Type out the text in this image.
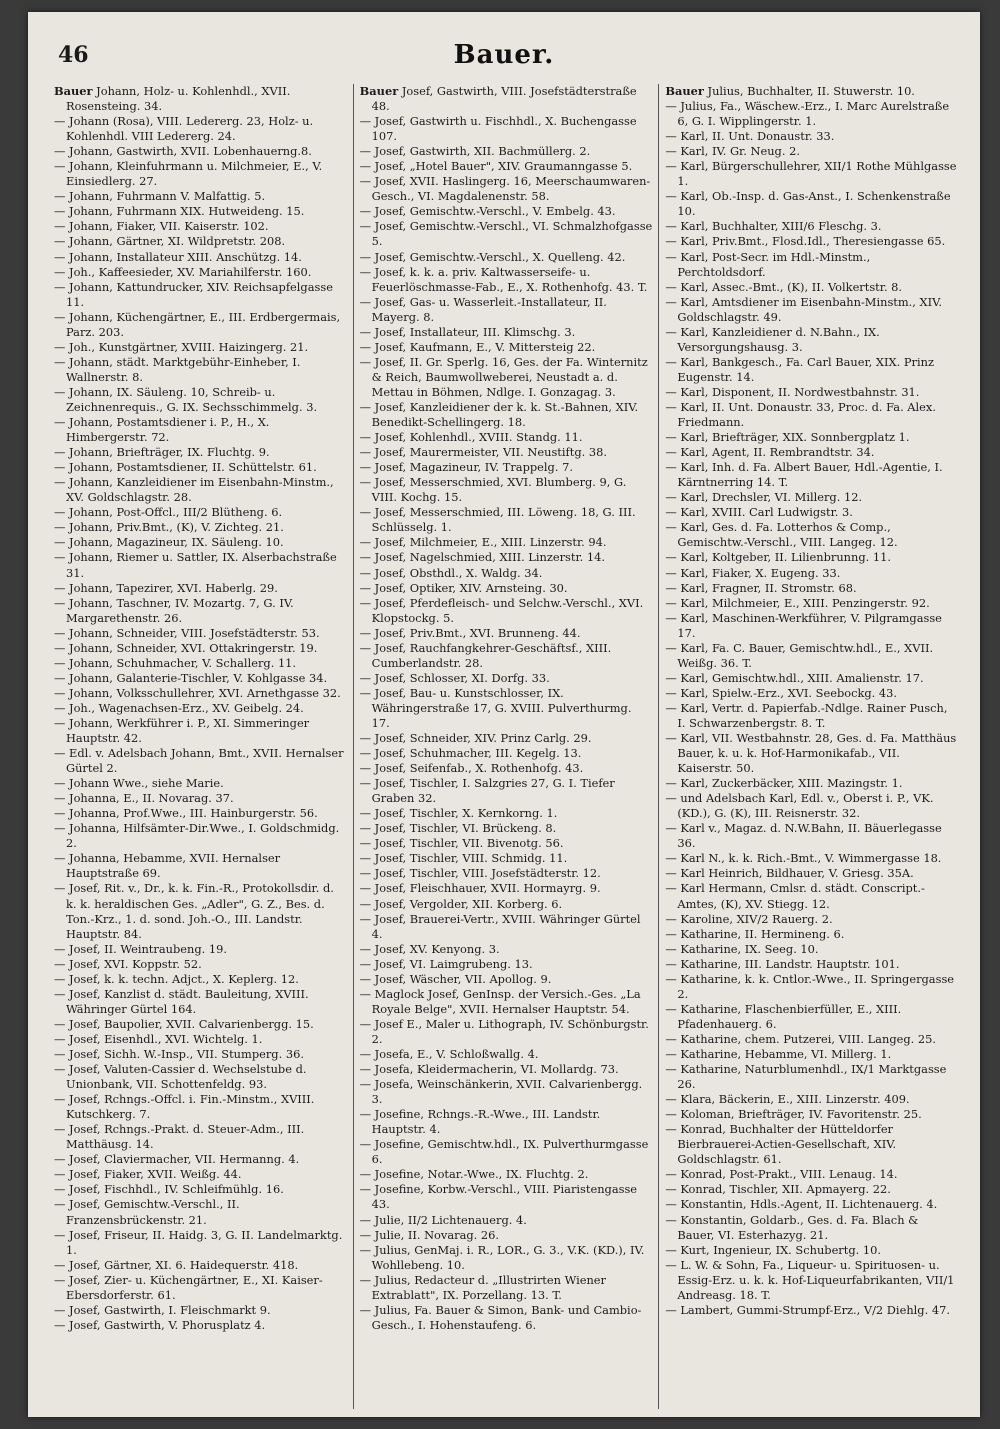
46	Bauer.
Bauer Johann, Holz- u. Kohlenhdl., XVII. Rosensteing. 34.
— Johann (Rosa), VIII. Ledererg. 23, Holz- u. Kohlenhdl. VIII Ledererg. 24.
— Johann, Gastwirth, XVII. Lobenhauerng.8.
— Johann, Kleinfuhrmann u. Milchmeier, E., V. Einsiedlerg. 27.
— Johann, Fuhrmann V. Malfattig. 5.
— Johann, Fuhrmann XIX. Hutweideng. 15.
— Johann, Fiaker, VII. Kaiserstr. 102.
— Johann, Gärtner, XI. Wildpretstr. 208.
— Johann, Installateur XIII. Anschützg. 14.
— Joh., Kaffeesieder, XV. Mariahilferstr. 160.
— Johann, Kattundrucker, XIV. Reichsapfelgasse 11.
— Johann, Küchengärtner, E., III. Erdbergermais, Parz. 203.
— Joh., Kunstgärtner, XVIII. Haizingerg. 21.
— Johann, städt. Marktgebühr-Einheber, I. Wallnerstr. 8.
— Johann, IX. Säuleng. 10, Schreib- u. Zeichnenrequis., G. IX. Sechsschimmelg. 3.
— Johann, Postamtsdiener i. P., H., X. Himbergerstr. 72.
— Johann, Briefträger, IX. Fluchtg. 9.
— Johann, Postamtsdiener, II. Schüttelstr. 61.
— Johann, Kanzleidiener im Eisenbahn-Minstm., XV. Goldschlagstr. 28.
— Johann, Post-Offcl., III/2 Blütheng. 6.
— Johann, Priv.Bmt., (K), V. Zichteg. 21.
— Johann, Magazineur, IX. Säuleng. 10.
— Johann, Riemer u. Sattler, IX. Alserbachstraße 31.
— Johann, Tapezirer, XVI. Haberlg. 29.
— Johann, Taschner, IV. Mozartg. 7, G. IV. Margarethenstr. 26.
— Johann, Schneider, VIII. Josefstädterstr. 53.
— Johann, Schneider, XVI. Ottakringerstr. 19.
— Johann, Schuhmacher, V. Schallerg. 11.
— Johann, Galanterie-Tischler, V. Kohlgasse 34.
— Johann, Volksschullehrer, XVI. Arnethgasse 32.
— Joh., Wagenachsen-Erz., XV. Geibelg. 24.
— Johann, Werkführer i. P., XI. Simmeringer Hauptstr. 42.
— Edl. v. Adelsbach Johann, Bmt., XVII. Hernalser Gürtel 2.
— Johann Wwe., siehe Marie.
— Johanna, E., II. Novarag. 37.
— Johanna, Prof.Wwe., III. Hainburgerstr. 56.
— Johanna, Hilfsämter-Dir.Wwe., I. Goldschmidg. 2.
— Johanna, Hebamme, XVII. Hernalser Hauptstraße 69.
— Josef, Rit. v., Dr., k. k. Fin.-R., Protokollsdir. d. k. k. heraldischen Ges. „Adler", G. Z., Bes. d. Ton.-Krz., 1. d. sond. Joh.-O., III. Landstr. Hauptstr. 84.
— Josef, II. Weintraubeng. 19.
— Josef, XVI. Koppstr. 52.
— Josef, k. k. techn. Adjct., X. Keplerg. 12.
— Josef, Kanzlist d. städt. Bauleitung, XVIII. Währinger Gürtel 164.
— Josef, Baupolier, XVII. Calvarienbergg. 15.
— Josef, Eisenhdl., XVI. Wichtelg. 1.
— Josef, Sichh. W.-Insp., VII. Stumperg. 36.
— Josef, Valuten-Cassier d. Wechselstube d. Unionbank, VII. Schottenfeldg. 93.
— Josef, Rchngs.-Offcl. i. Fin.-Minstm., XVIII. Kutschkerg. 7.
— Josef, Rchngs.-Prakt. d. Steuer-Adm., III. Matthäusg. 14.
— Josef, Claviermacher, VII. Hermanng. 4.
— Josef, Fiaker, XVII. Weißg. 44.
— Josef, Fischhdl., IV. Schleifmühlg. 16.
— Josef, Gemischtw.-Verschl., II. Franzensbrückenstr. 21.
— Josef, Friseur, II. Haidg. 3, G. II. Landelmarktg. 1.
— Josef, Gärtner, XI. 6. Haidequerstr. 418.
— Josef, Zier- u. Küchengärtner, E., XI. Kaiser-Ebersdorferstr. 61.
— Josef, Gastwirth, I. Fleischmarkt 9.
— Josef, Gastwirth, V. Phorusplatz 4.
Bauer Josef, Gastwirth, VIII. Josefstädterstraße 48.
— Josef, Gastwirth u. Fischhdl., X. Buchengasse 107.
— Josef, Gastwirth, XII. Bachmüllerg. 2.
— Josef, „Hotel Bauer", XIV. Graumanngasse 5.
— Josef, XVII. Haslingerg. 16, Meerschaumwaren-Gesch., VI. Magdalenenstr. 58.
— Josef, Gemischtw.-Verschl., V. Embelg. 43.
— Josef, Gemischtw.-Verschl., VI. Schmalzhofgasse 5.
— Josef, Gemischtw.-Verschl., X. Quelleng. 42.
— Josef, k. k. a. priv. Kaltwasserseife- u. Feuerlöschmasse-Fab., E., X. Rothenhofg. 43. T.
— Josef, Gas- u. Wasserleit.-Installateur, II. Mayerg. 8.
— Josef, Installateur, III. Klimschg. 3.
— Josef, Kaufmann, E., V. Mittersteig 22.
— Josef, II. Gr. Sperlg. 16, Ges. der Fa. Winternitz & Reich, Baumwollweberei, Neustadt a. d. Mettau in Böhmen, Ndlge. I. Gonzagag. 3.
— Josef, Kanzleidiener der k. k. St.-Bahnen, XIV. Benedikt-Schellingerg. 18.
— Josef, Kohlenhdl., XVIII. Standg. 11.
— Josef, Maurermeister, VII. Neustiftg. 38.
— Josef, Magazineur, IV. Trappelg. 7.
— Josef, Messerschmied, XVI. Blumberg. 9, G. VIII. Kochg. 15.
— Josef, Messerschmied, III. Löweng. 18, G. III. Schlüsselg. 1.
— Josef, Milchmeier, E., XIII. Linzerstr. 94.
— Josef, Nagelschmied, XIII. Linzerstr. 14.
— Josef, Obsthdl., X. Waldg. 34.
— Josef, Optiker, XIV. Arnsteing. 30.
— Josef, Pferdefleisch- und Selchw.-Verschl., XVI. Klopstockg. 5.
— Josef, Priv.Bmt., XVI. Brunneng. 44.
— Josef, Rauchfangkehrer-Geschäftsf., XIII. Cumberlandstr. 28.
— Josef, Schlosser, XI. Dorfg. 33.
— Josef, Bau- u. Kunstschlosser, IX. Währingerstraße 17, G. XVIII. Pulverthurmg. 17.
— Josef, Schneider, XIV. Prinz Carlg. 29.
— Josef, Schuhmacher, III. Kegelg. 13.
— Josef, Seifenfab., X. Rothenhofg. 43.
— Josef, Tischler, I. Salzgries 27, G. I. Tiefer Graben 32.
— Josef, Tischler, X. Kernkorng. 1.
— Josef, Tischler, VI. Brückeng. 8.
— Josef, Tischler, VII. Bivenotg. 56.
— Josef, Tischler, VIII. Schmidg. 11.
— Josef, Tischler, VIII. Josefstädterstr. 12.
— Josef, Fleischhauer, XVII. Hormayrg. 9.
— Josef, Vergolder, XII. Korberg. 6.
— Josef, Brauerei-Vertr., XVIII. Währinger Gürtel 4.
— Josef, XV. Kenyong. 3.
— Josef, VI. Laimgrubeng. 13.
— Josef, Wäscher, VII. Apollog. 9.
— Maglock Josef, GenInsp. der Versich.-Ges. „La Royale Belge", XVII. Hernalser Hauptstr. 54.
— Josef E., Maler u. Lithograph, IV. Schönburgstr. 2.
— Josefa, E., V. Schloßwallg. 4.
— Josefa, Kleidermacherin, VI. Mollardg. 73.
— Josefa, Weinschänkerin, XVII. Calvarienbergg. 3.
— Josefine, Rchngs.-R.-Wwe., III. Landstr. Hauptstr. 4.
— Josefine, Gemischtw.hdl., IX. Pulverthurmgasse 6.
— Josefine, Notar.-Wwe., IX. Fluchtg. 2.
— Josefine, Korbw.-Verschl., VIII. Piaristengasse 43.
— Julie, II/2 Lichtenauerg. 4.
— Julie, II. Novarag. 26.
— Julius, GenMaj. i. R., LOR., G. 3., V.K. (KD.), IV. Wohllebeng. 10.
— Julius, Redacteur d. „Illustrirten Wiener Extrablatt", IX. Porzellang. 13. T.
— Julius, Fa. Bauer & Simon, Bank- und Cambio-Gesch., I. Hohenstaufeng. 6.
Bauer Julius, Buchhalter, II. Stuwerstr. 10.
— Julius, Fa., Wäschew.-Erz., I. Marc Aurelstraße 6, G. I. Wipplingerstr. 1.
— Karl, II. Unt. Donaustr. 33.
— Karl, IV. Gr. Neug. 2.
— Karl, Bürgerschullehrer, XII/1 Rothe Mühlgasse 1.
— Karl, Ob.-Insp. d. Gas-Anst., I. Schenkenstraße 10.
— Karl, Buchhalter, XIII/6 Fleschg. 3.
— Karl, Priv.Bmt., Flosd.Idl., Theresiengasse 65.
— Karl, Post-Secr. im Hdl.-Minstm., Perchtoldsdorf.
— Karl, Assec.-Bmt., (K), II. Volkertstr. 8.
— Karl, Amtsdiener im Eisenbahn-Minstm., XIV. Goldschlagstr. 49.
— Karl, Kanzleidiener d. N.Bahn., IX. Versorgungshausg. 3.
— Karl, Bankgesch., Fa. Carl Bauer, XIX. Prinz Eugenstr. 14.
— Karl, Disponent, II. Nordwestbahnstr. 31.
— Karl, II. Unt. Donaustr. 33, Proc. d. Fa. Alex. Friedmann.
— Karl, Briefträger, XIX. Sonnbergplatz 1.
— Karl, Agent, II. Rembrandtstr. 34.
— Karl, Inh. d. Fa. Albert Bauer, Hdl.-Agentie, I. Kärntnerring 14. T.
— Karl, Drechsler, VI. Millerg. 12.
— Karl, XVIII. Carl Ludwigstr. 3.
— Karl, Ges. d. Fa. Lotterhos & Comp., Gemischtw.-Verschl., VIII. Langeg. 12.
— Karl, Koltgeber, II. Lilienbrunng. 11.
— Karl, Fiaker, X. Eugeng. 33.
— Karl, Fragner, II. Stromstr. 68.
— Karl, Milchmeier, E., XIII. Penzingerstr. 92.
— Karl, Maschinen-Werkführer, V. Pilgramgasse 17.
— Karl, Fa. C. Bauer, Gemischtw.hdl., E., XVII. Weißg. 36. T.
— Karl, Gemischtw.hdl., XIII. Amalienstr. 17.
— Karl, Spielw.-Erz., XVI. Seebockg. 43.
— Karl, Vertr. d. Papierfab.-Ndlge. Rainer Pusch, I. Schwarzenbergstr. 8. T.
— Karl, VII. Westbahnstr. 28, Ges. d. Fa. Matthäus Bauer, k. u. k. Hof-Harmonikafab., VII. Kaiserstr. 50.
— Karl, Zuckerbäcker, XIII. Mazingstr. 1.
— und Adelsbach Karl, Edl. v., Oberst i. P., VK. (KD.), G. (K), III. Reisnerstr. 32.
— Karl v., Magaz. d. N.W.Bahn, II. Bäuerlegasse 36.
— Karl N., k. k. Rich.-Bmt., V. Wimmergasse 18.
— Karl Heinrich, Bildhauer, V. Griesg. 35A.
— Karl Hermann, Cmlsr. d. städt. Conscript.-Amtes, (K), XV. Stiegg. 12.
— Karoline, XIV/2 Rauerg. 2.
— Katharine, II. Hermineng. 6.
— Katharine, IX. Seeg. 10.
— Katharine, III. Landstr. Hauptstr. 101.
— Katharine, k. k. Cntlor.-Wwe., II. Springergasse 2.
— Katharine, Flaschenbierfüller, E., XIII. Pfadenhauerg. 6.
— Katharine, chem. Putzerei, VIII. Langeg. 25.
— Katharine, Hebamme, VI. Millerg. 1.
— Katharine, Naturblumenhdl., IX/1 Marktgasse 26.
— Klara, Bäckerin, E., XIII. Linzerstr. 409.
— Koloman, Briefträger, IV. Favoritenstr. 25.
— Konrad, Buchhalter der Hütteldorfer Bierbrauerei-Actien-Gesellschaft, XIV. Goldschlagstr. 61.
— Konrad, Post-Prakt., VIII. Lenaug. 14.
— Konrad, Tischler, XII. Apmayerg. 22.
— Konstantin, Hdls.-Agent, II. Lichtenauerg. 4.
— Konstantin, Goldarb., Ges. d. Fa. Blach & Bauer, VI. Esterhazyg. 21.
— Kurt, Ingenieur, IX. Schubertg. 10.
— L. W. & Sohn, Fa., Liqueur- u. Spirituosen- u. Essig-Erz. u. k. k. Hof-Liqueurfabrikanten, VII/1 Andreasg. 18. T.
— Lambert, Gummi-Strumpf-Erz., V/2 Diehlg. 47.
